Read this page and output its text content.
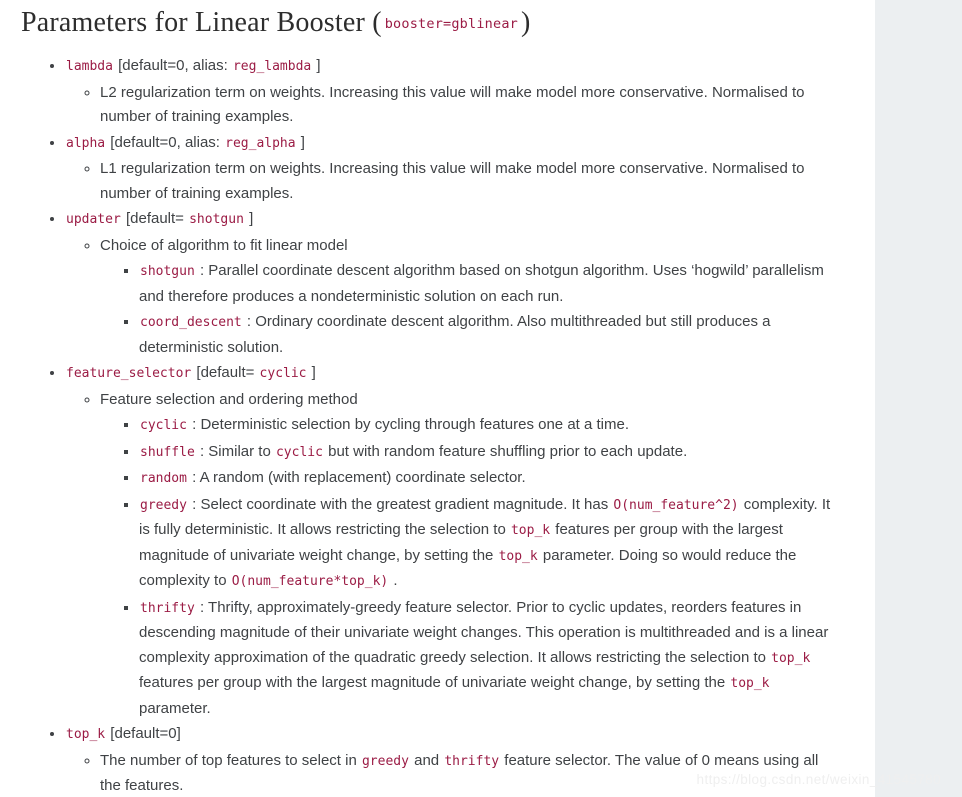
Parameters for Linear Booster ( booster=gblinear )
• lambda [default=0, alias: reg_lambda ]
◦ L2 regularization term on weights. Increasing this value will make model more conservative. Normalised to number of training examples.
• alpha [default=0, alias: reg_alpha ]
◦ L1 regularization term on weights. Increasing this value will make model more conservative. Normalised to number of training examples.
• updater [default= shotgun ]
◦ Choice of algorithm to fit linear model
▪ shotgun : Parallel coordinate descent algorithm based on shotgun algorithm. Uses ‘hogwild’ parallelism and therefore produces a nondeterministic solution on each run.
▪ coord_descent : Ordinary coordinate descent algorithm. Also multithreaded but still produces a deterministic solution.
• feature_selector [default= cyclic ]
◦ Feature selection and ordering method
▪ cyclic : Deterministic selection by cycling through features one at a time.
▪ shuffle : Similar to cyclic but with random feature shuffling prior to each update.
▪ random : A random (with replacement) coordinate selector.
▪ greedy : Select coordinate with the greatest gradient magnitude. It has O(num_feature^2) complexity. It is fully deterministic. It allows restricting the selection to top_k features per group with the largest magnitude of univariate weight change, by setting the top_k parameter. Doing so would reduce the complexity to O(num_feature*top_k) .
▪ thrifty : Thrifty, approximately-greedy feature selector. Prior to cyclic updates, reorders features in descending magnitude of their univariate weight changes. This operation is multithreaded and is a linear complexity approximation of the quadratic greedy selection. It allows restricting the selection to top_k features per group with the largest magnitude of univariate weight change, by setting the top_k parameter.
• top_k [default=0]
◦ The number of top features to select in greedy and thrifty feature selector. The value of 0 means using all the features.	https://blog.csdn.net/weixin_41545780
